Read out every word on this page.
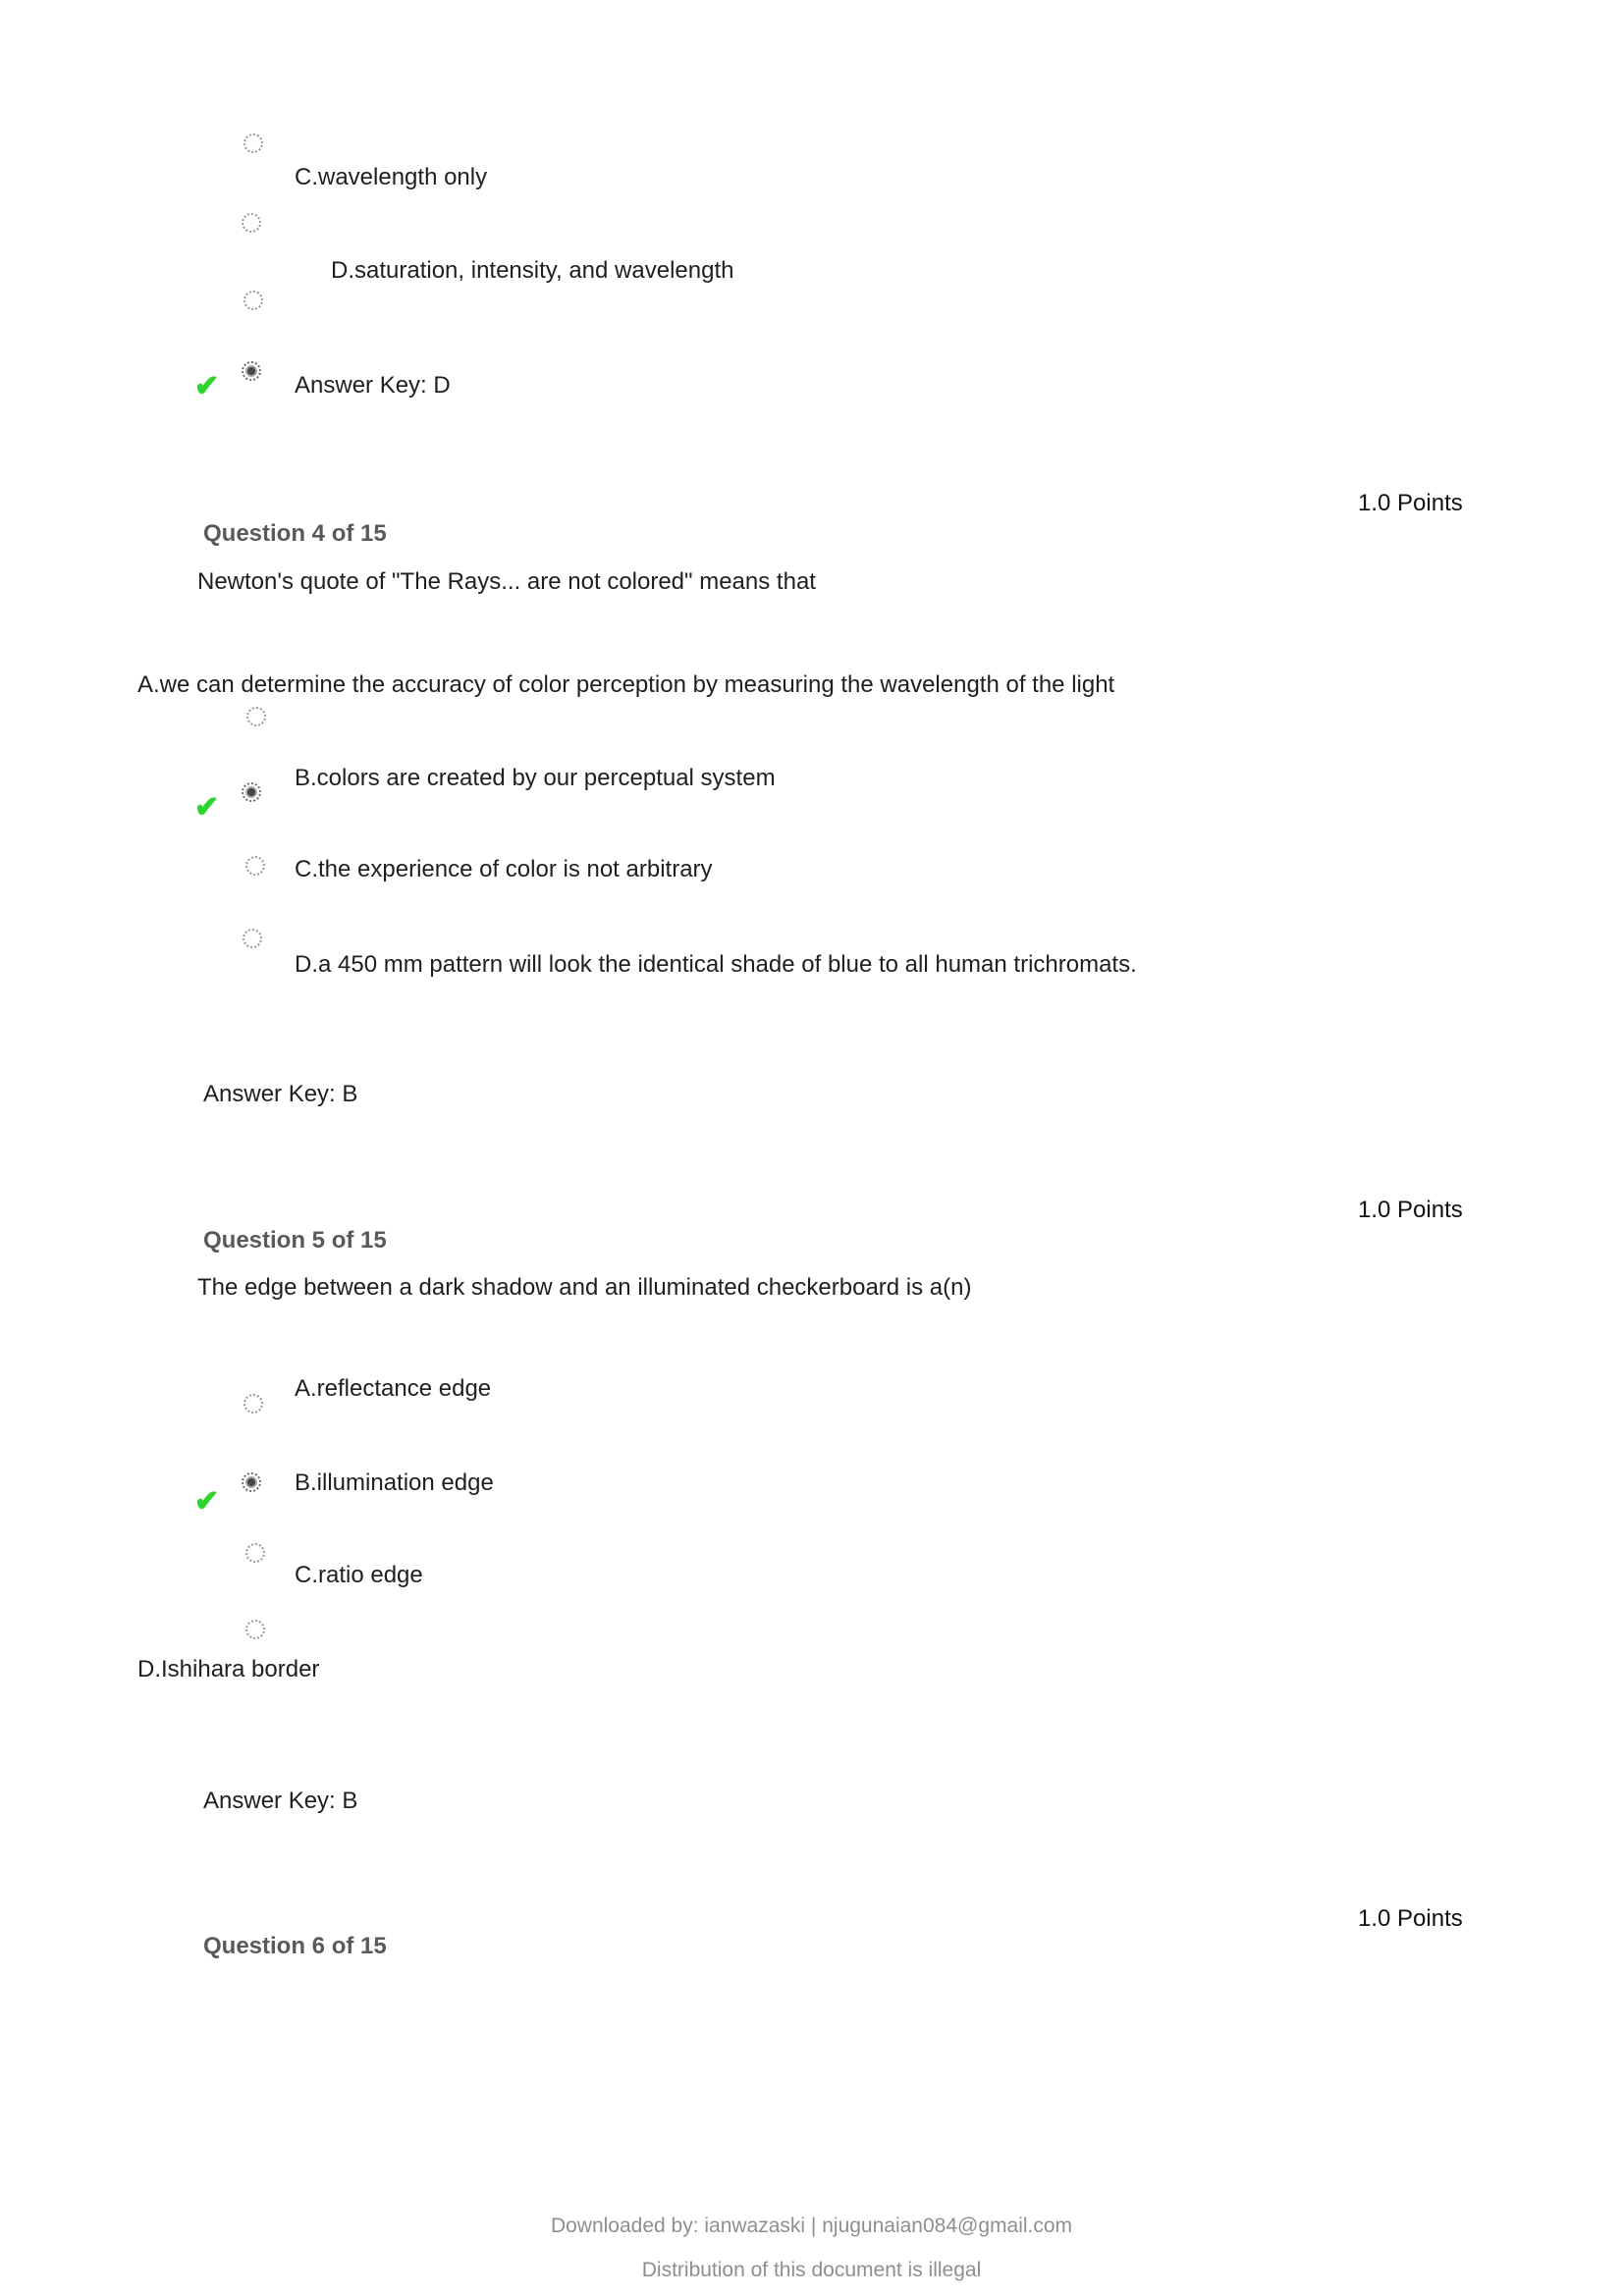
C.wavelength only
D.saturation, intensity, and wavelength
✔	Answer Key: D
1.0 Points
Question 4 of 15
Newton's quote of "The Rays... are not colored" means that
A.we can determine the accuracy of color perception by measuring the wavelength of the light
✔
B.colors are created by our perceptual system
C.the experience of color is not arbitrary
D.a 450 mm pattern will look the identical shade of blue to all human trichromats.
Answer Key: B
1.0 Points
Question 5 of 15
The edge between a dark shadow and an illuminated checkerboard is a(n)
A.reflectance edge
✔
B.illumination edge
C.ratio edge
D.Ishihara border
Answer Key: B
1.0 Points
Question 6 of 15
Downloaded by: ianwazaski | njugunaian084@gmail.com
Distribution of this document is illegal
